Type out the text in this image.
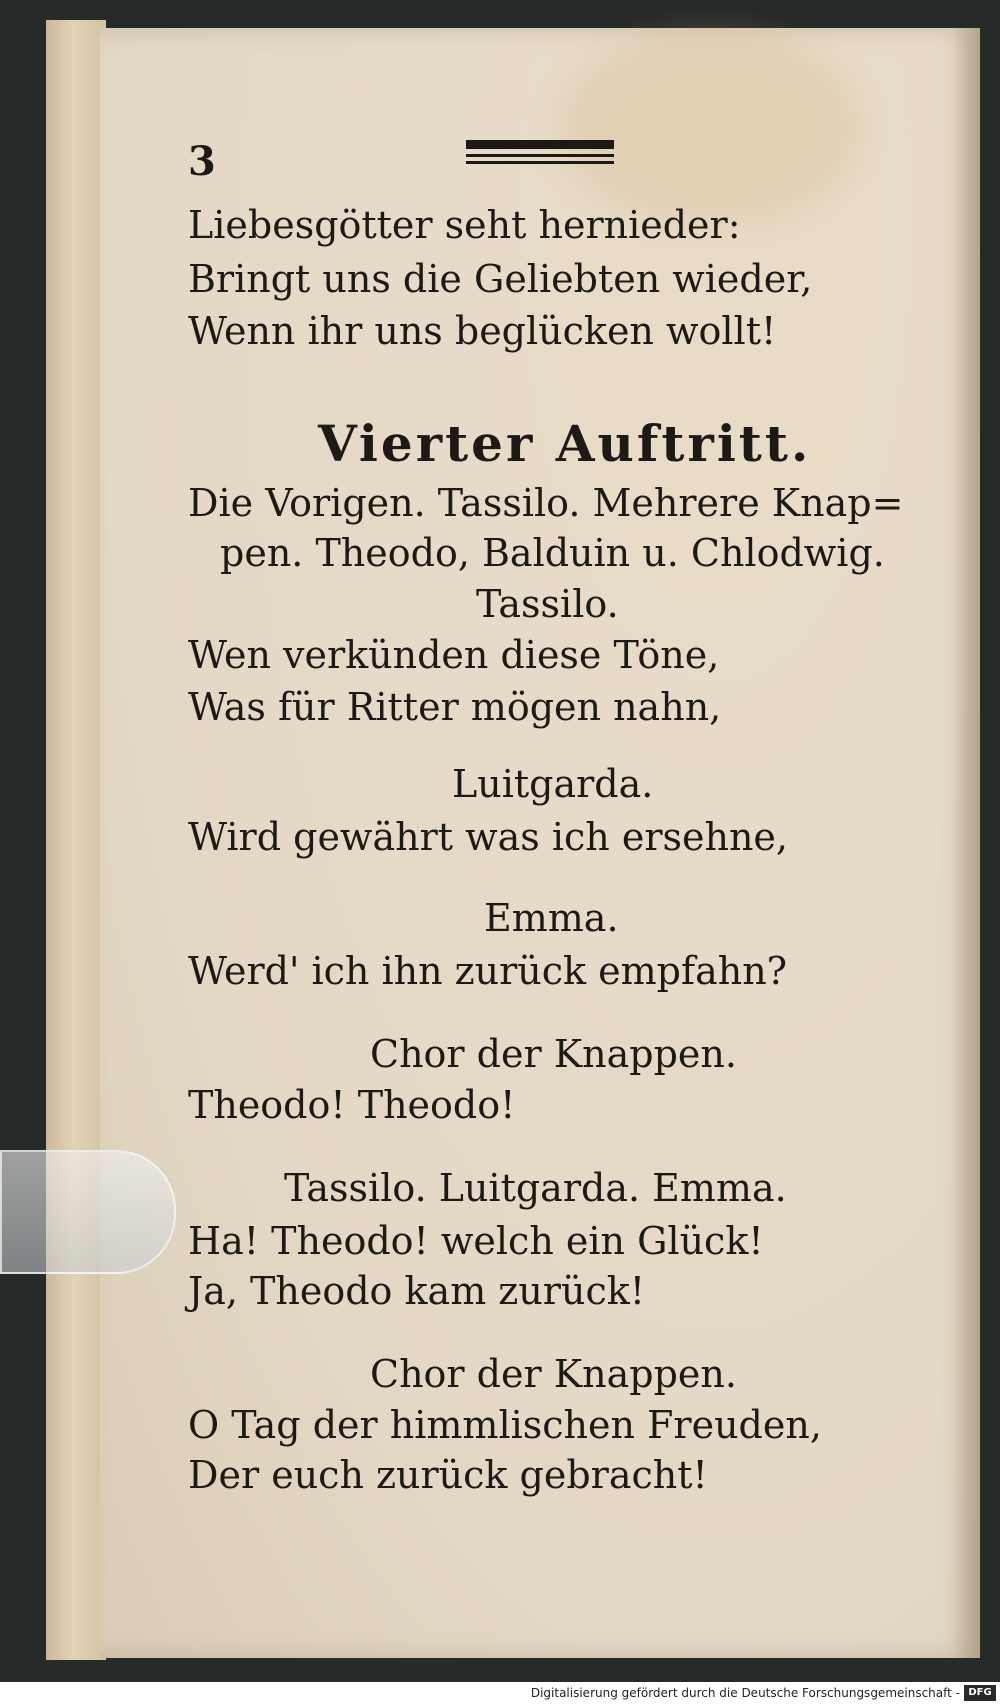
3
Liebesgötter seht hernieder:
Bringt uns die Geliebten wieder,
Wenn ihr uns beglücken wollt!
Vierter Auftritt.
Die Vorigen. Tassilo. Mehrere Knap=
pen. Theodo, Balduin u. Chlodwig.
Tassilo.
Wen verkünden diese Töne,
Was für Ritter mögen nahn,
Luitgarda.
Wird gewährt was ich ersehne,
Emma.
Werd' ich ihn zurück empfahn?
Chor der Knappen.
Theodo! Theodo!
Tassilo. Luitgarda. Emma.
Ha! Theodo! welch ein Glück!
Ja, Theodo kam zurück!
Chor der Knappen.
O Tag der himmlischen Freuden,
Der euch zurück gebracht!
Digitalisierung gefördert durch die Deutsche Forschungsgemeinschaft - DFG
